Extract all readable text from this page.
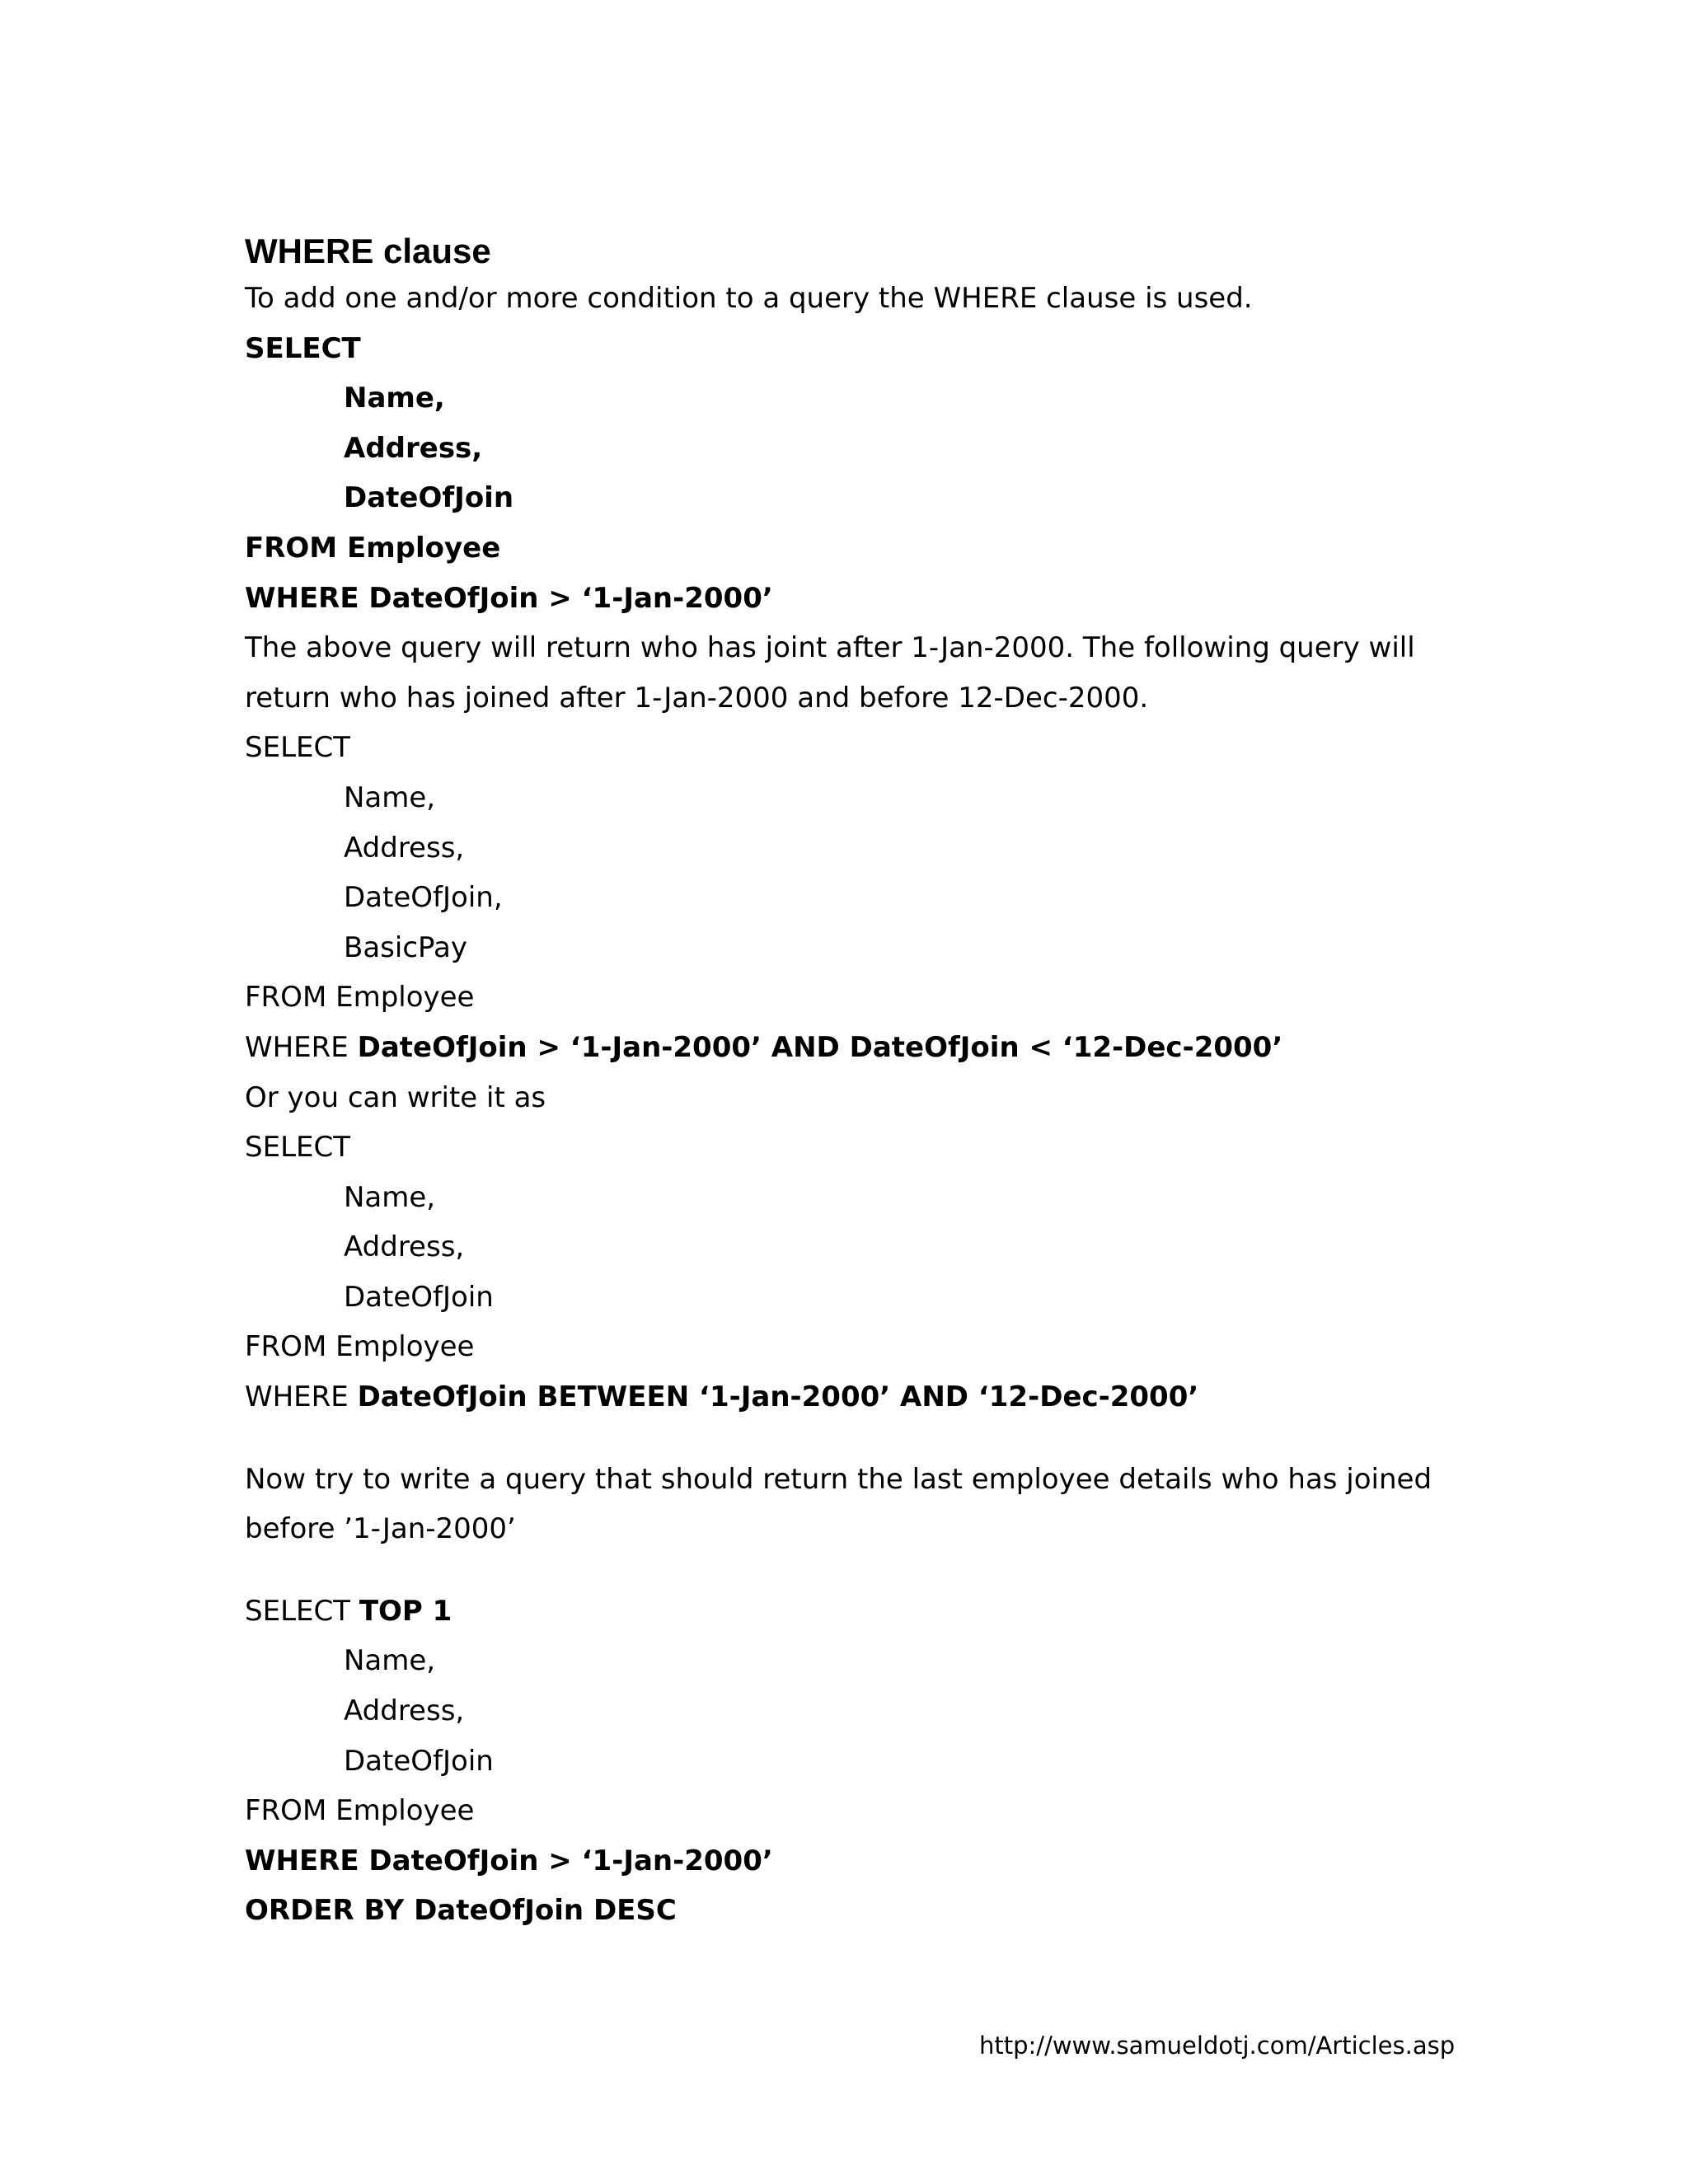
WHERE clause
To add one and/or more condition to a query the WHERE clause is used.
SELECT
Name,
Address,
DateOfJoin
FROM Employee
WHERE DateOfJoin > ‘1-Jan-2000’
The above query will return who has joint after 1-Jan-2000. The following query will
return who has joined after 1-Jan-2000 and before 12-Dec-2000.
SELECT
Name,
Address,
DateOfJoin,
BasicPay
FROM Employee
WHERE DateOfJoin > ‘1-Jan-2000’ AND DateOfJoin < ‘12-Dec-2000’
Or you can write it as
SELECT
Name,
Address,
DateOfJoin
FROM Employee
WHERE DateOfJoin BETWEEN ‘1-Jan-2000’ AND ‘12-Dec-2000’
Now try to write a query that should return the last employee details who has joined
before ’1-Jan-2000’
SELECT TOP 1
Name,
Address,
DateOfJoin
FROM Employee
WHERE DateOfJoin > ‘1-Jan-2000’
ORDER BY DateOfJoin DESC
http://www.samueldotj.com/Articles.asp
